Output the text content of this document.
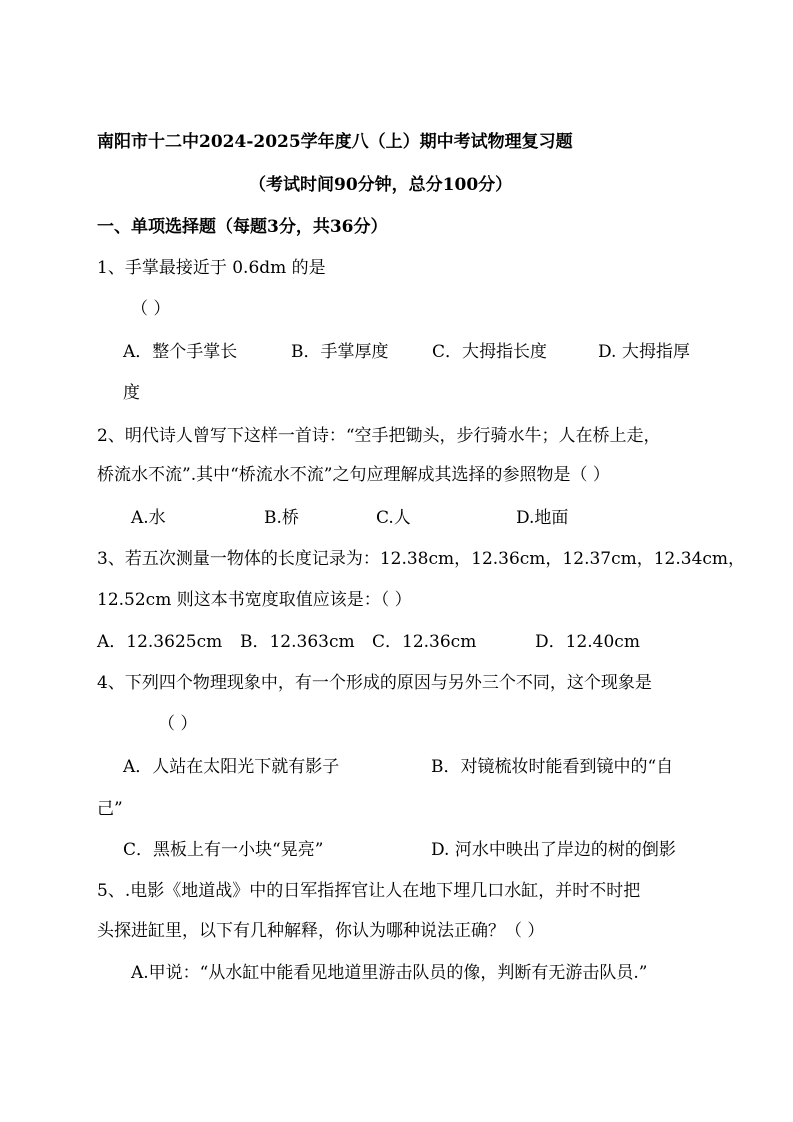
南阳市十二中2024-2025学年度八（上）期中考试物理复习题
（考试时间90分钟，总分100分）
一、单项选择题（每题3分，共36分）
1、手掌最接近于 0.6dm 的是
（ ）
A．整个手掌长	B．手掌厚度	C．大拇指长度	D. 大拇指厚
度
2、明代诗人曾写下这样一首诗：“空手把锄头，步行骑水牛；人在桥上走，
桥流水不流”.其中“桥流水不流”之句应理解成其选择的参照物是（ ）
A.水	B.桥	C.人	D.地面
3、若五次测量一物体的长度记录为：12.38cm，12.36cm，12.37cm，12.34cm，
12.52cm 则这本书宽度取值应该是：（ ）
A．12.3625cm B．12.363cm C．12.36cm	D．12.40cm
4、下列四个物理现象中，有一个形成的原因与另外三个不同，这个现象是
（ ）
A．人站在太阳光下就有影子	B．对镜梳妆时能看到镜中的“自
己”
C．黑板上有一小块“晃亮”	D. 河水中映出了岸边的树的倒影
5、.电影《地道战》中的日军指挥官让人在地下埋几口水缸，并时不时把
头探进缸里，以下有几种解释，你认为哪种说法正确？（ ）
A.甲说：“从水缸中能看见地道里游击队员的像，判断有无游击队员.”
